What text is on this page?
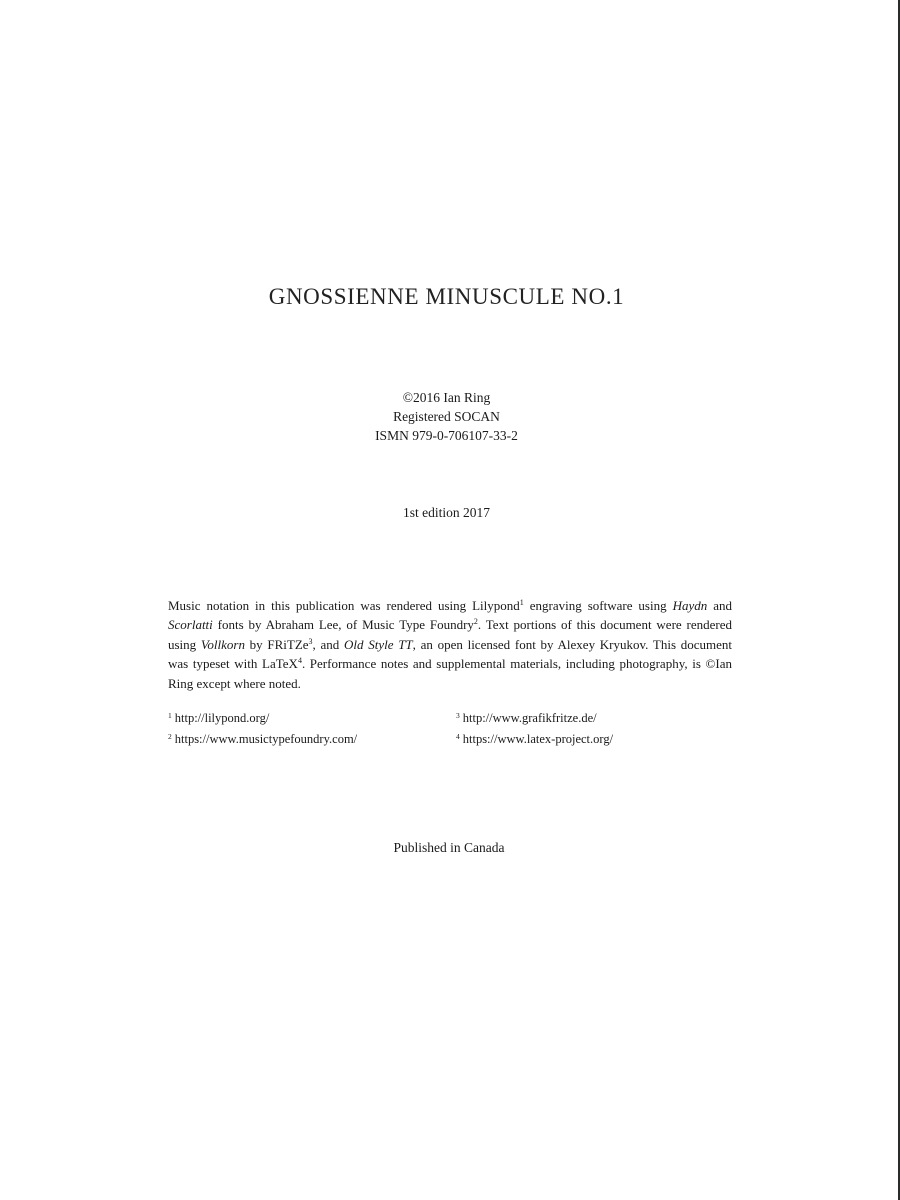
GNOSSIENNE MINUSCULE NO.1
©2016 Ian Ring
Registered SOCAN
ISMN 979-0-706107-33-2
1st edition 2017

Music notation in this publication was rendered using Lilypond$^1$ engraving software using Haydn and Scorlatti fonts by Abraham Lee, of Music Type Foundry$^2$. Text portions of this document were rendered using Vollkorn by FRiTZe$^3$, and Old Style TT, an open licensed font by Alexey Kryukov. This document was typeset with LaTeX$^4$. Performance notes and supplemental materials, including photography, is ©Ian Ring except where noted.

$^1$ http://lilypond.org/
$^2$ https://www.musictypefoundry.com/
$^3$ http://www.grafikfritze.de/
$^4$ https://www.latex-project.org/
Published in Canada
